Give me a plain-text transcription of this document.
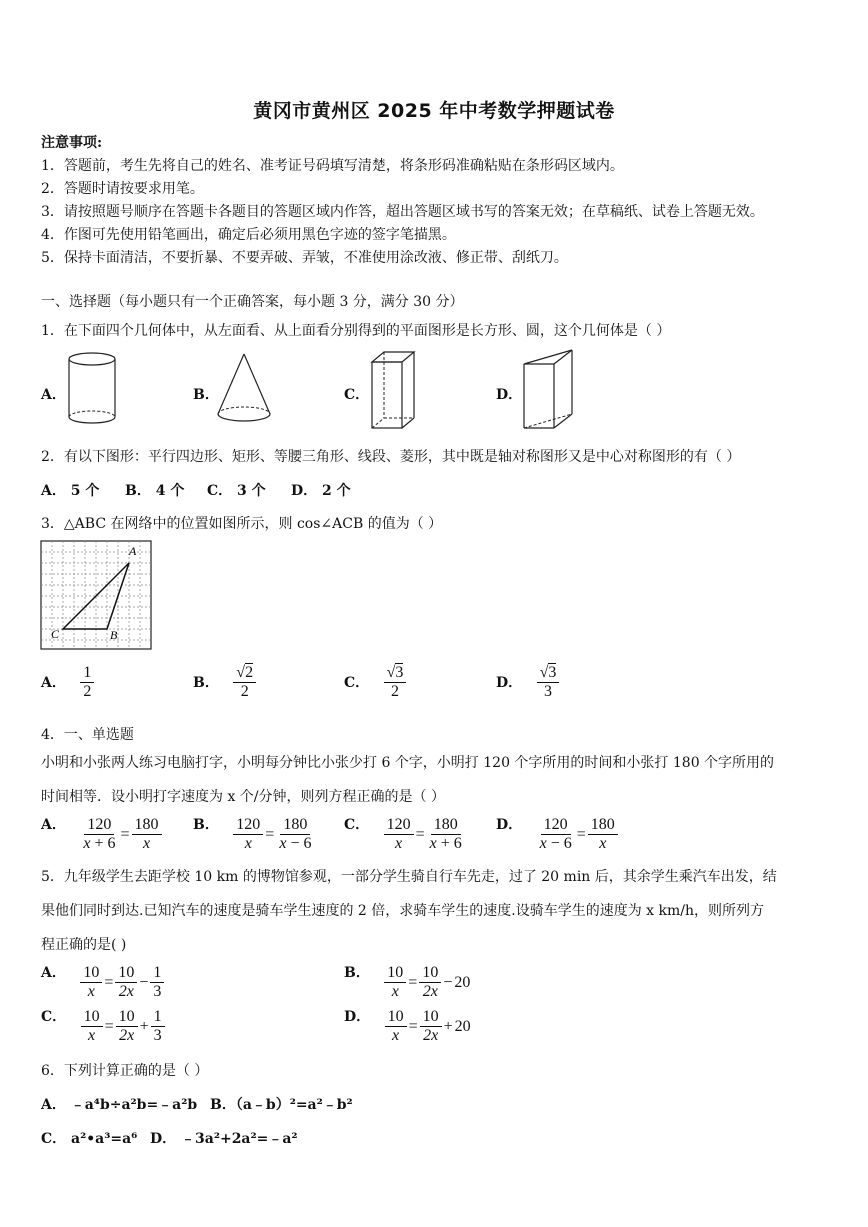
黄冈市黄州区 2025 年中考数学押题试卷
注意事项:
1．答题前，考生先将自己的姓名、准考证号码填写清楚，将条形码准确粘贴在条形码区域内。
2．答题时请按要求用笔。
3．请按照题号顺序在答题卡各题目的答题区域内作答，超出答题区域书写的答案无效；在草稿纸、试卷上答题无效。
4．作图可先使用铅笔画出，确定后必须用黑色字迹的签字笔描黑。
5．保持卡面清洁，不要折暴、不要弄破、弄皱，不准使用涂改液、修正带、刮纸刀。
一、选择题（每小题只有一个正确答案，每小题 3 分，满分 30 分）
1．在下面四个几何体中，从左面看、从上面看分别得到的平面图形是长方形、圆，这个几何体是（ ）
A．	B．	C．	D．
2．有以下图形：平行四边形、矩形、等腰三角形、线段、菱形，其中既是轴对称图形又是中心对称图形的有（ ）
A． 5 个 B． 4 个 C． 3 个 D． 2 个
3．△ABC 在网络中的位置如图所示，则 cos∠ACB 的值为（ ）
A
B
C
A． $\frac{1}{2}$	B． $\frac{√2}{2}$	C． $\frac{√3}{2}$	D． $\frac{√3}{3}$
4．一、单选题
小明和小张两人练习电脑打字，小明每分钟比小张少打 6 个字，小明打 120 个字所用的时间和小张打 180 个字所用的
时间相等．设小明打字速度为 x 个/分钟，则列方程正确的是（ ）
A． $\frac{120}{x + 6} = \frac{180}{x}$ B． $\frac{120}{x} = \frac{180}{x - 6}$ C． $\frac{120}{x} = \frac{180}{x + 6}$ D． $\frac{120}{x - 6} = \frac{180}{x}$
5．九年级学生去距学校 10 km 的博物馆参观，一部分学生骑自行车先走，过了 20 min 后，其余学生乘汽车出发，结
果他们同时到达.已知汽车的速度是骑车学生速度的 2 倍，求骑车学生的速度.设骑车学生的速度为 x km/h，则所列方
程正确的是( )
A． $\frac{10}{x} = \frac{10}{2x} - \frac{1}{3}$	B． $\frac{10}{x} = \frac{10}{2x} - 20$
C． $\frac{10}{x} = \frac{10}{2x} + \frac{1}{3}$	D． $\frac{10}{x} = \frac{10}{2x} + 20$
6．下列计算正确的是（ ）
A． ﹣a⁴b÷a²b=﹣a²b B．（a﹣b）²=a²﹣b²
C． a²•a³=a⁶ D． ﹣3a²+2a²=﹣a²
